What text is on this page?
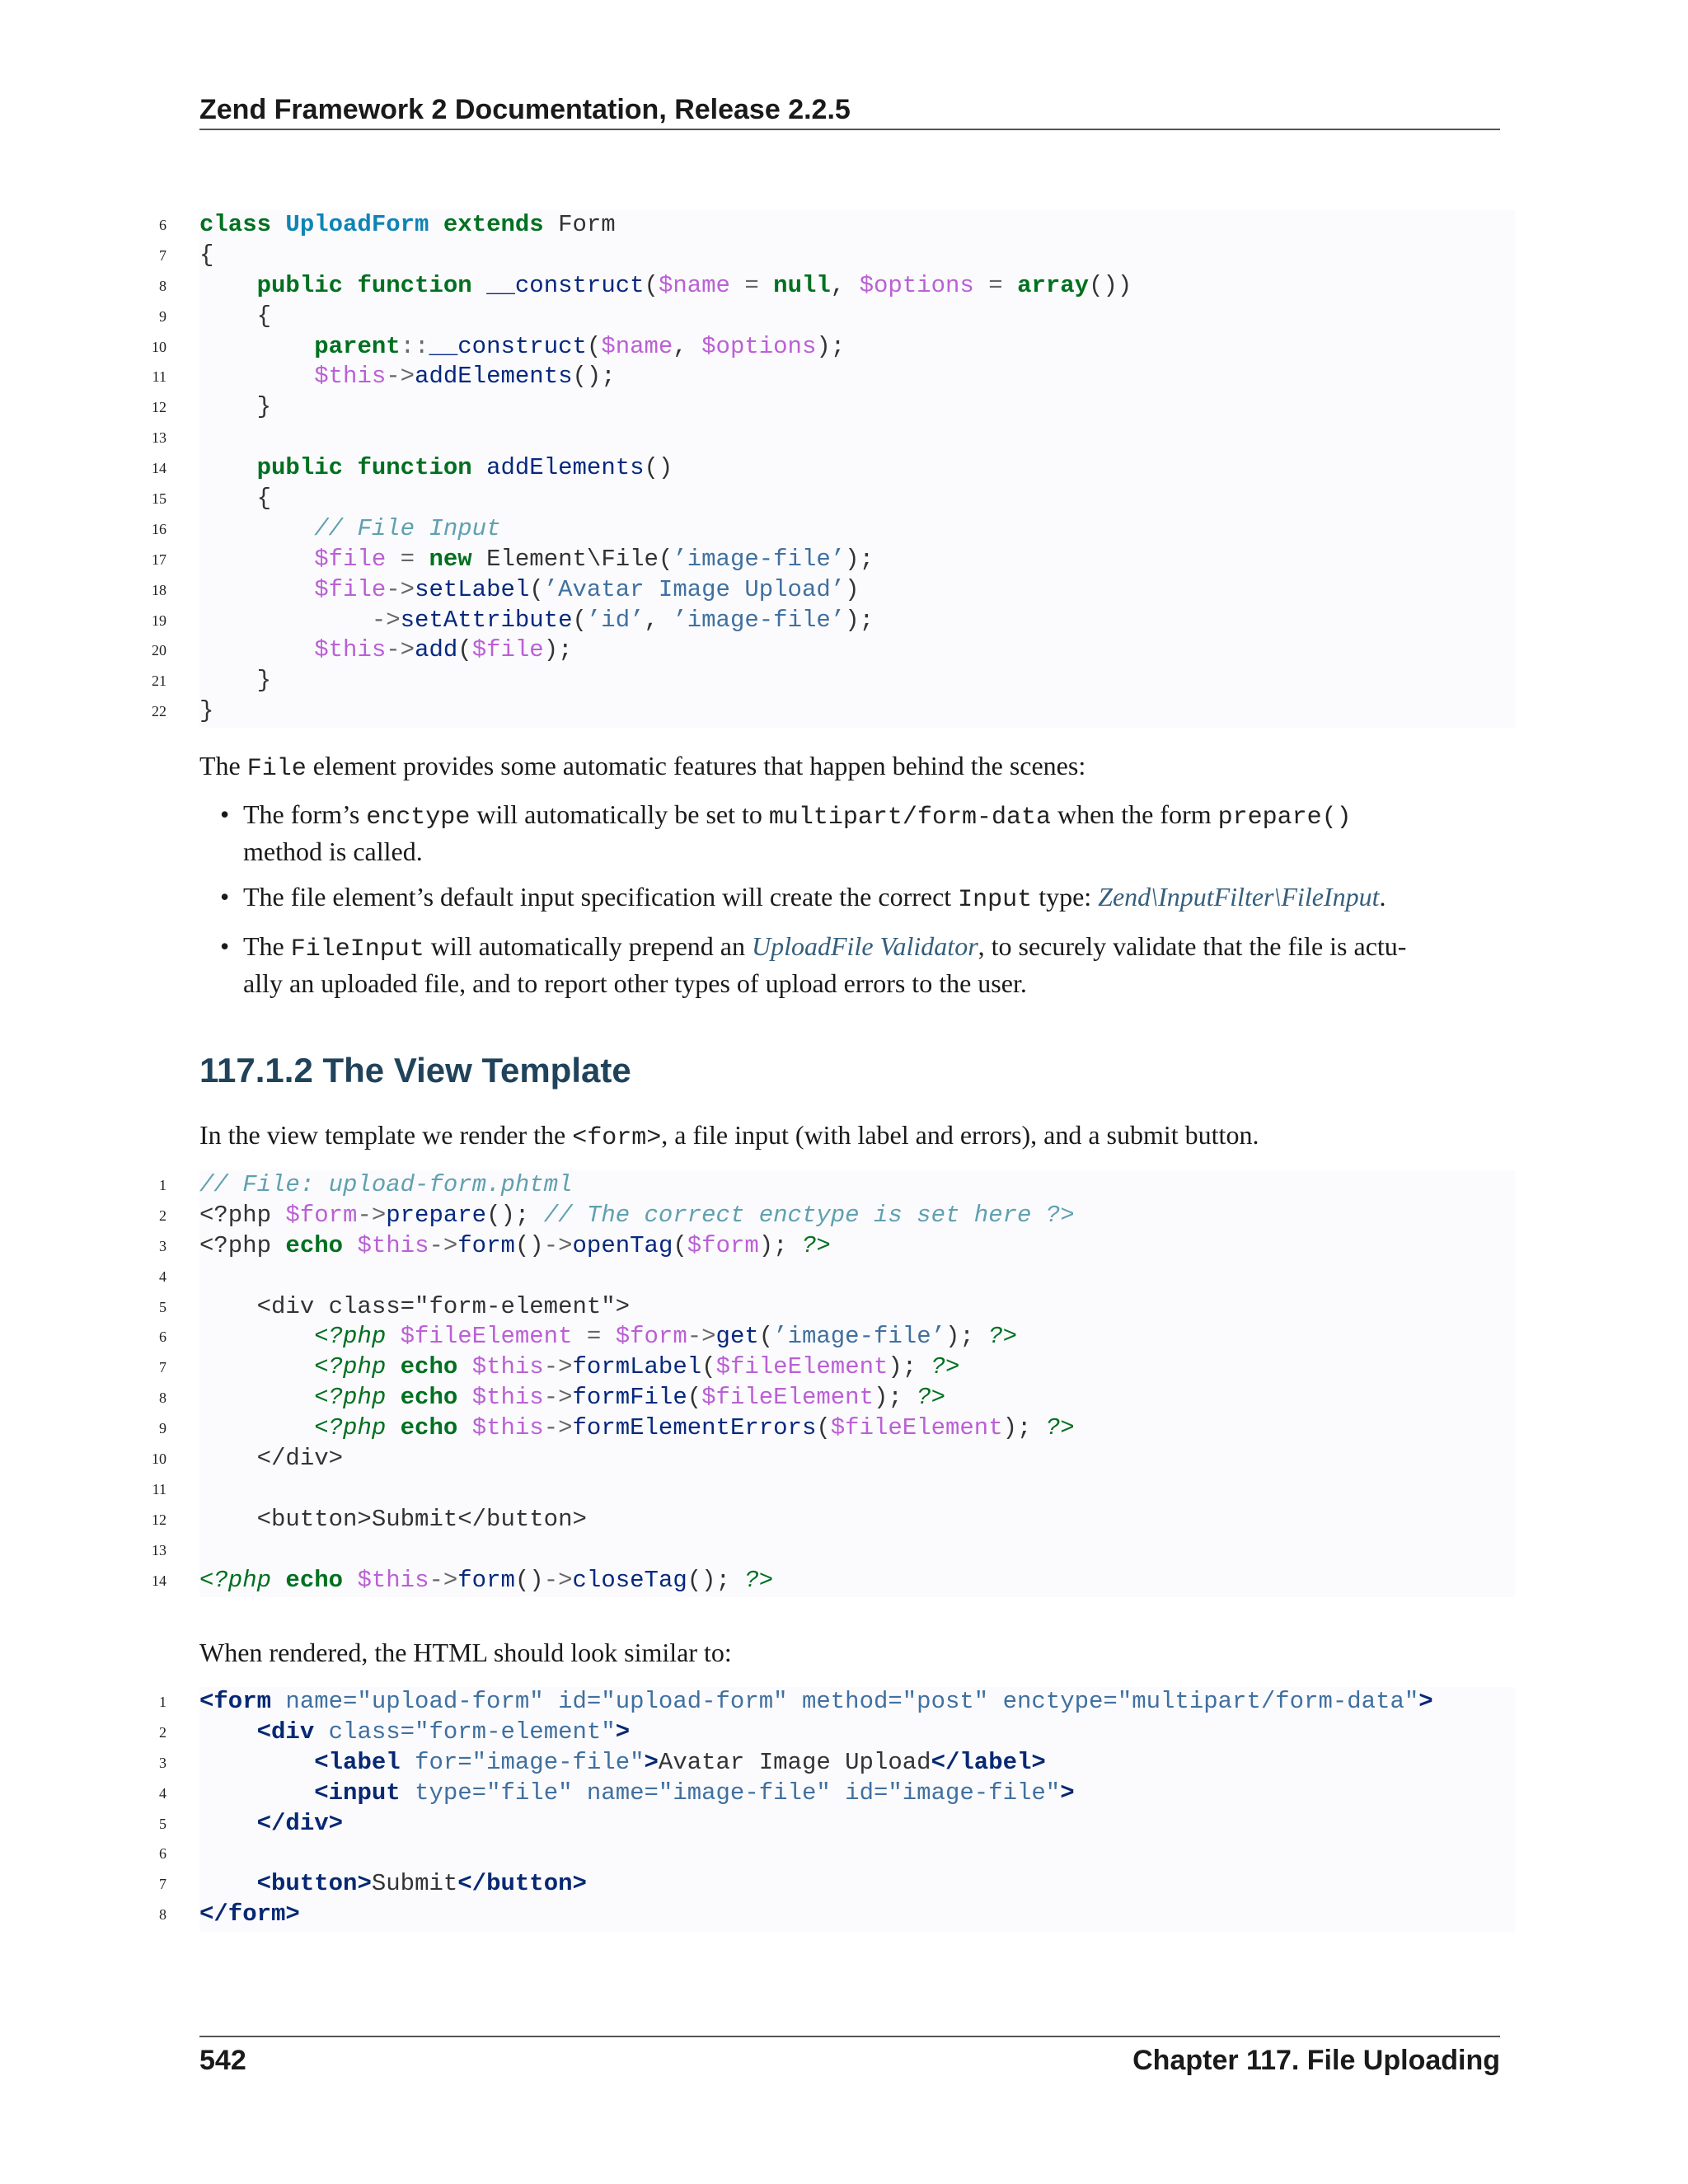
Zend Framework 2 Documentation, Release 2.2.5
6 class UploadForm extends Form
7 {
8	public function __construct($name = null, $options = array())
9 {
10	parent::__construct($name, $options);
11	$this->addElements();
12 }
13
14	public function addElements()
15 {
16	// File Input
17	$file = new Element\File(’image-file’);
18	$file->setLabel(’Avatar Image Upload’)
19	->setAttribute(’id’, ’image-file’);
20	$this->add($file);
21 }
22 }
The File element provides some automatic features that happen behind the scenes:
• The form’s enctype will automatically be set to multipart/form-data when the form prepare()
method is called.
• The file element’s default input specification will create the correct Input type: Zend\InputFilter\FileInput.
• The FileInput will automatically prepend an UploadFile Validator, to securely validate that the file is actu-
ally an uploaded file, and to report other types of upload errors to the user.
117.1.2 The View Template
In the view template we render the <form>, a file input (with label and errors), and a submit button.
1 // File: upload-form.phtml
2 <?php $form->prepare(); // The correct enctype is set here ?>
3 <?php echo $this->form()->openTag($form); ?>
4
5 <div class="form-element">
6	<?php $fileElement = $form->get(’image-file’); ?>
7	<?php echo $this->formLabel($fileElement); ?>
8	<?php echo $this->formFile($fileElement); ?>
9	<?php echo $this->formElementErrors($fileElement); ?>
10 </div>
11
12 <button>Submit</button>
13
14 <?php echo $this->form()->closeTag(); ?>
When rendered, the HTML should look similar to:
1 <form name="upload-form" id="upload-form" method="post" enctype="multipart/form-data">
2	<div class="form-element">
3	<label for="image-file">Avatar Image Upload</label>
4	<input type="file" name="image-file" id="image-file">
5	</div>
6
7	<button>Submit</button>
8 </form>
542	Chapter 117. File Uploading
